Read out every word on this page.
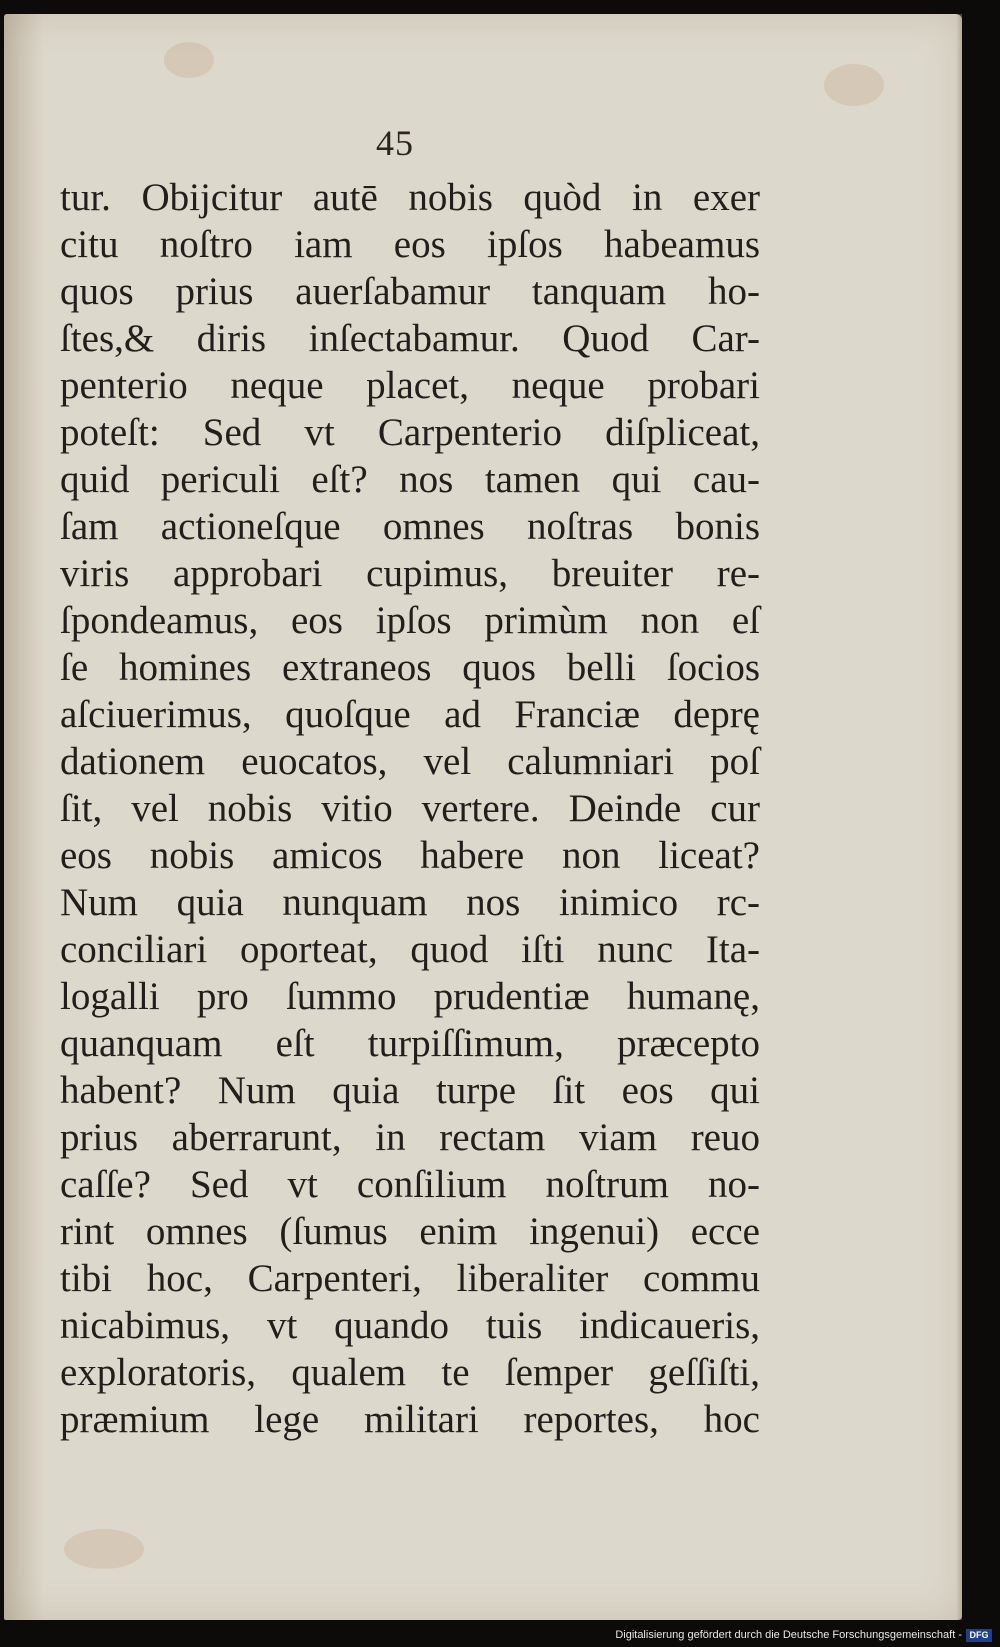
45
tur. Obijcitur autē nobis quòd in exer
citu noſtro iam eos ipſos habeamus
quos prius auerſabamur tanquam ho-
ſtes,& diris inſectabamur. Quod Car-
penterio neque placet, neque probari
poteſt: Sed vt Carpenterio diſpliceat,
quid periculi eſt? nos tamen qui cau-
ſam actioneſque omnes noſtras bonis
viris approbari cupimus, breuiter re-
ſpondeamus, eos ipſos primùm non eſ
ſe homines extraneos quos belli ſocios
aſciuerimus, quoſque ad Franciæ deprę
dationem euocatos, vel calumniari poſ
ſit, vel nobis vitio vertere. Deinde cur
eos nobis amicos habere non liceat?
Num quia nunquam nos inimico rc-
conciliari oporteat, quod iſti nunc Ita-
logalli pro ſummo prudentiæ humanę,
quanquam eſt turpiſſimum, præcepto
habent? Num quia turpe ſit eos qui
prius aberrarunt, in rectam viam reuo
caſſe? Sed vt conſilium noſtrum no-
rint omnes (ſumus enim ingenui) ecce
tibi hoc, Carpenteri, liberaliter commu
nicabimus, vt quando tuis indicaueris,
exploratoris, qualem te ſemper geſſiſti,
præmium lege militari reportes, hoc
Digitalisierung gefördert durch die Deutsche Forschungsgemeinschaft - DFG
